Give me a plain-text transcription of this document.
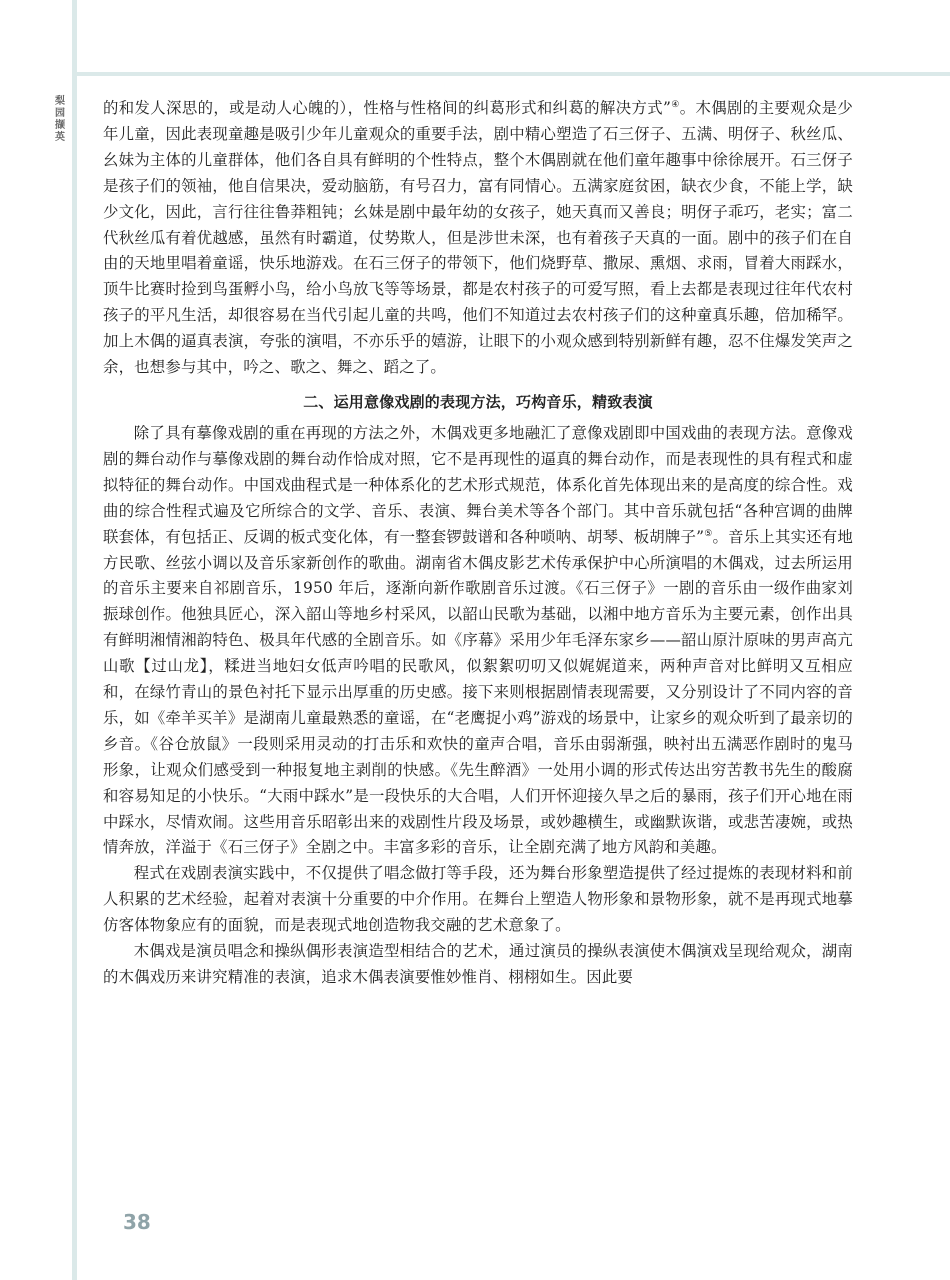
梨园撷英

的和发人深思的，或是动人心魄的），性格与性格间的纠葛形式和纠葛的解决方式”④。木偶剧的主要观众是少年儿童，因此表现童趣是吸引少年儿童观众的重要手法，剧中精心塑造了石三伢子、五满、明伢子、秋丝瓜、幺妹为主体的儿童群体，他们各自具有鲜明的个性特点，整个木偶剧就在他们童年趣事中徐徐展开。石三伢子是孩子们的领袖，他自信果决，爱动脑筋，有号召力，富有同情心。五满家庭贫困，缺衣少食，不能上学，缺少文化，因此，言行往往鲁莽粗钝；幺妹是剧中最年幼的女孩子，她天真而又善良；明伢子乖巧，老实；富二代秋丝瓜有着优越感，虽然有时霸道，仗势欺人，但是涉世未深，也有着孩子天真的一面。剧中的孩子们在自由的天地里唱着童谣，快乐地游戏。在石三伢子的带领下，他们烧野草、撒尿、熏烟、求雨，冒着大雨踩水，顶牛比赛时捡到鸟蛋孵小鸟，给小鸟放飞等等场景，都是农村孩子的可爱写照，看上去都是表现过往年代农村孩子的平凡生活，却很容易在当代引起儿童的共鸣，他们不知道过去农村孩子们的这种童真乐趣，倍加稀罕。加上木偶的逼真表演，夸张的演唱，不亦乐乎的嬉游，让眼下的小观众感到特别新鲜有趣，忍不住爆发笑声之余，也想参与其中，吟之、歌之、舞之、蹈之了。

二、运用意像戏剧的表现方法，巧构音乐，精致表演

除了具有摹像戏剧的重在再现的方法之外，木偶戏更多地融汇了意像戏剧即中国戏曲的表现方法。意像戏剧的舞台动作与摹像戏剧的舞台动作恰成对照，它不是再现性的逼真的舞台动作，而是表现性的具有程式和虚拟特征的舞台动作。中国戏曲程式是一种体系化的艺术形式规范，体系化首先体现出来的是高度的综合性。戏曲的综合性程式遍及它所综合的文学、音乐、表演、舞台美术等各个部门。其中音乐就包括“各种宫调的曲牌联套体，有包括正、反调的板式变化体，有一整套锣鼓谱和各种唢呐、胡琴、板胡牌子”⑤。音乐上其实还有地方民歌、丝弦小调以及音乐家新创作的歌曲。湖南省木偶皮影艺术传承保护中心所演唱的木偶戏，过去所运用的音乐主要来自祁剧音乐，1950 年后，逐渐向新作歌剧音乐过渡。《石三伢子》一剧的音乐由一级作曲家刘振球创作。他独具匠心，深入韶山等地乡村采风，以韶山民歌为基础，以湘中地方音乐为主要元素，创作出具有鲜明湘情湘韵特色、极具年代感的全剧音乐。如《序幕》采用少年毛泽东家乡——韶山原汁原味的男声高亢山歌【过山龙】，糅进当地妇女低声吟唱的民歌风，似絮絮叨叨又似娓娓道来，两种声音对比鲜明又互相应和，在绿竹青山的景色衬托下显示出厚重的历史感。接下来则根据剧情表现需要，又分别设计了不同内容的音乐，如《牵羊买羊》是湖南儿童最熟悉的童谣，在“老鹰捉小鸡”游戏的场景中，让家乡的观众听到了最亲切的乡音。《谷仓放鼠》一段则采用灵动的打击乐和欢快的童声合唱，音乐由弱渐强，映衬出五满恶作剧时的鬼马形象，让观众们感受到一种报复地主剥削的快感。《先生醉酒》一处用小调的形式传达出穷苦教书先生的酸腐和容易知足的小快乐。“大雨中踩水”是一段快乐的大合唱，人们开怀迎接久旱之后的暴雨，孩子们开心地在雨中踩水，尽情欢闹。这些用音乐昭彰出来的戏剧性片段及场景，或妙趣横生，或幽默诙谐，或悲苦凄婉，或热情奔放，洋溢于《石三伢子》全剧之中。丰富多彩的音乐，让全剧充满了地方风韵和美趣。

程式在戏剧表演实践中，不仅提供了唱念做打等手段，还为舞台形象塑造提供了经过提炼的表现材料和前人积累的艺术经验，起着对表演十分重要的中介作用。在舞台上塑造人物形象和景物形象，就不是再现式地摹仿客体物象应有的面貌，而是表现式地创造物我交融的艺术意象了。

木偶戏是演员唱念和操纵偶形表演造型相结合的艺术，通过演员的操纵表演使木偶演戏呈现给观众，湖南的木偶戏历来讲究精准的表演，追求木偶表演要惟妙惟肖、栩栩如生。因此要

38
